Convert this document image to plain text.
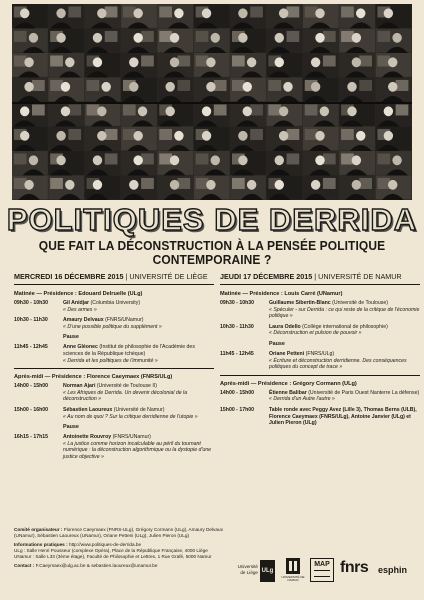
POLITIQUES DE DERRIDA
QUE FAIT LA DÉCONSTRUCTION À LA PENSÉE POLITIQUE CONTEMPORAINE ?
MERCREDI 16 DÉCEMBRE 2015 | UNIVERSITÉ DE LIÈGE
Matinée — Présidence : Edouard Delruelle (ULg)
09h30 - 10h30	Gil Anidjar (Columbia University)
« Des armes »
10h30 - 11h30	Amaury Delvaux (FNRS/UNamur)
« D'une possible politique du supplément »
Pause
11h45 - 12h45	Anne Gléonec (Institut de philosophie de l'Académie des sciences de la République tchèque)
« Derrida et les politiques de l'immunité »
Après-midi — Présidence : Florence Caeymaex (FNRS/ULg)
14h00 - 15h00	Norman Ajari (Université de Toulouse II)
« Les Afriques de Derrida. Un devenir décolonial de la déconstruction »
15h00 - 16h00	Sébastien Laoureux (Université de Namur)
« Au nom de quoi ? Sur la critique derridienne de l'utopie »
Pause
16h15 - 17h15	Antoinette Rouvroy (FNRS/UNamur)
« La justice comme horizon incalculable au péril du tournant numérique : la déconstruction algorithmique ou la dystopie d'une justice objective »
JEUDI 17 DÉCEMBRE 2015 | UNIVERSITÉ DE NAMUR
Matinée — Présidence : Louis Carré (UNamur)
09h30 - 10h30	Guillaume Sibertin-Blanc (Université de Toulouse)
« Spéculer - sur Derrida : ce qui reste de la critique de l'économie politique »
10h30 - 11h30	Laura Odello (Collège international de philosophie)
« Déconstruction et pulsion de pouvoir »
Pause
11h45 - 12h45	Oriane Petteni (FNRS/ULg)
« Écriture et déconstruction derridienne. Des conséquences politiques du concept de trace »
Après-midi — Présidence : Grégory Cormann (ULg)
14h00 - 15h00	Étienne Balibar (Université de Paris Ouest Nanterre La défense)
« Derrida d'un Autre l'autre »
15h00 - 17h00	Table ronde avec Peggy Avez (Lille 3), Thomas Berns (ULB), Florence Caeymaex (FNRS/ULg), Antoine Janvier (ULg) et Julien Pieron (ULg)

Comité organisateur : Florence Caeymaex (FNRS-ULg), Grégory Cormann (ULg), Amaury Delvaux (UNamur), Sébastien Laoureux (UNamur), Oriane Petteni (ULg), Julien Pieron (ULg)

Informations pratiques : http://www.politiques-de-derrida.be
ULg : Salle Henri Pousseur (complexe Opéra), Place de la République Française, 4000 Liège
UNamur : Salle L33 (3ème étage), Faculté de Philosophie et Lettres, 1 Rue Grafé, 5000 Namur

Contact : F.Caeymaex@ulg.ac.be & sebastien.laoureux@unamur.be	Université de Liège ULg
UNIVERSITÉ DE NAMUR
MAP fnrs	esphin
